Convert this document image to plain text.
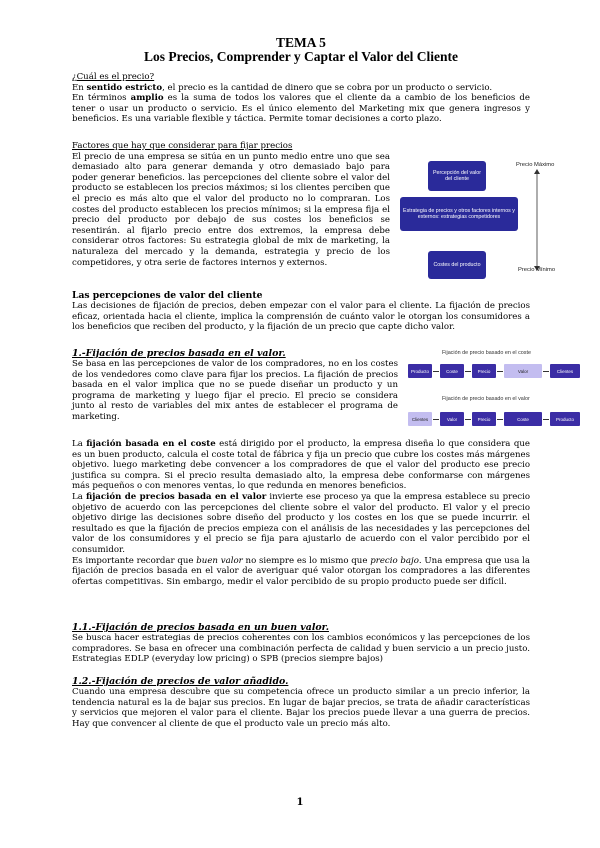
TEMA 5
Los Precios, Comprender y Captar el Valor del Cliente

¿Cuál es el precio?

En sentido estricto, el precio es la cantidad de dinero que se cobra por un producto o servicio.

En términos amplio es la suma de todos los valores que el cliente da a cambio de los beneficios de tener o usar un producto o servicio. Es el único elemento del Marketing mix que genera ingresos y beneficios. Es una variable flexible y táctica. Permite tomar decisiones a corto plazo.

Factores que hay que considerar para fijar precios

El precio de una empresa se sitúa en un punto medio entre uno que sea demasiado alto para generar demanda y otro demasiado bajo para poder generar beneficios. las percepciones del cliente sobre el valor del producto se establecen los precios máximos; si los clientes perciben que el precio es más alto que el valor del producto no lo compraran. Los costes del producto establecen los precios mínimos; si la empresa fija el precio del producto por debajo de sus costes los beneficios se resentirán. al fijarlo precio entre dos extremos, la empresa debe considerar otros factores: Su estrategia global de mix de marketing, la naturaleza del mercado y la demanda, estrategia y precio de los competidores, y otra serie de factores internos y externos.

Percepción del valor del cliente
Estrategia de precios y otros factores internos y externos: estrategias competidores
Costes del producto
Precio Máximo
Precio Mínimo

Las percepciones de valor del cliente

Las decisiones de fijación de precios, deben empezar con el valor para el cliente. La fijación de precios eficaz, orientada hacia el cliente, implica la comprensión de cuánto valor le otorgan los consumidores a los beneficios que reciben del producto, y la fijación de un precio que capte dicho valor.

1.-Fijación de precios basada en el valor.

Se basa en las percepciones de valor de los compradores, no en los costes de los vendedores como clave para fijar los precios. La fijación de precios basada en el valor implica que no se puede diseñar un producto y un programa de marketing y luego fijar el precio. El precio se considera junto al resto de variables del mix antes de establecer el programa de marketing.

Fijación de precio basado en el coste
Producto	Coste	Precio	Valor	Clientes
Fijación de precio basado en el valor
Clientes	Valor	Precio	Coste	Producto

La fijación basada en el coste está dirigido por el producto, la empresa diseña lo que considera que es un buen producto, calcula el coste total de fábrica y fija un precio que cubre los costes más márgenes objetivo. luego marketing debe convencer a los compradores de que el valor del producto ese precio justifica su compra. Si el precio resulta demasiado alto, la empresa debe conformarse con márgenes más pequeños o con menores ventas, lo que redunda en menores beneficios.

La fijación de precios basada en el valor invierte ese proceso ya que la empresa establece su precio objetivo de acuerdo con las percepciones del cliente sobre el valor del producto. El valor y el precio objetivo dirige las decisiones sobre diseño del producto y los costes en los que se puede incurrir. el resultado es que la fijación de precios empieza con el análisis de las necesidades y las percepciones del valor de los consumidores y el precio se fija para ajustarlo de acuerdo con el valor percibido por el consumidor.

Es importante recordar que buen valor no siempre es lo mismo que precio bajo. Una empresa que usa la fijación de precios basada en el valor de averiguar qué valor otorgan los compradores a las diferentes ofertas competitivas. Sin embargo, medir el valor percibido de su propio producto puede ser difícil.

1.1.-Fijación de precios basada en un buen valor.

Se busca hacer estrategias de precios coherentes con los cambios económicos y las percepciones de los compradores. Se basa en ofrecer una combinación perfecta de calidad y buen servicio a un precio justo. Estrategias EDLP (everyday low pricing) o SPB (precios siempre bajos)

1.2.-Fijación de precios de valor añadido.

Cuando una empresa descubre que su competencia ofrece un producto similar a un precio inferior, la tendencia natural es la de bajar sus precios. En lugar de bajar precios, se trata de añadir características y servicios que mejoren el valor para el cliente. Bajar los precios puede llevar a una guerra de precios. Hay que convencer al cliente de que el producto vale un precio más alto.

1
